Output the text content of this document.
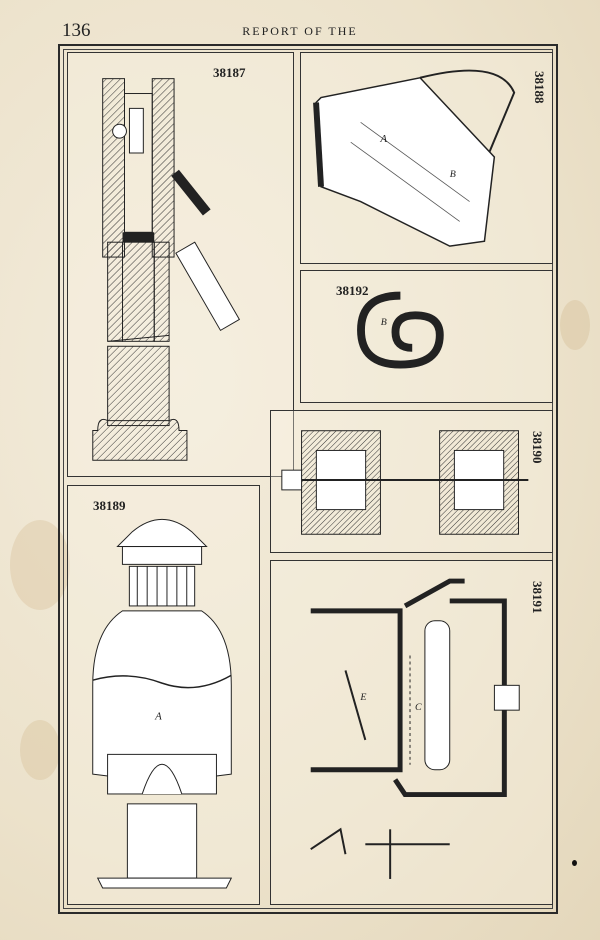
136	REPORT OF THE
38187	38188
A
B
38192
B
38190
38189
A
38191
E
C
